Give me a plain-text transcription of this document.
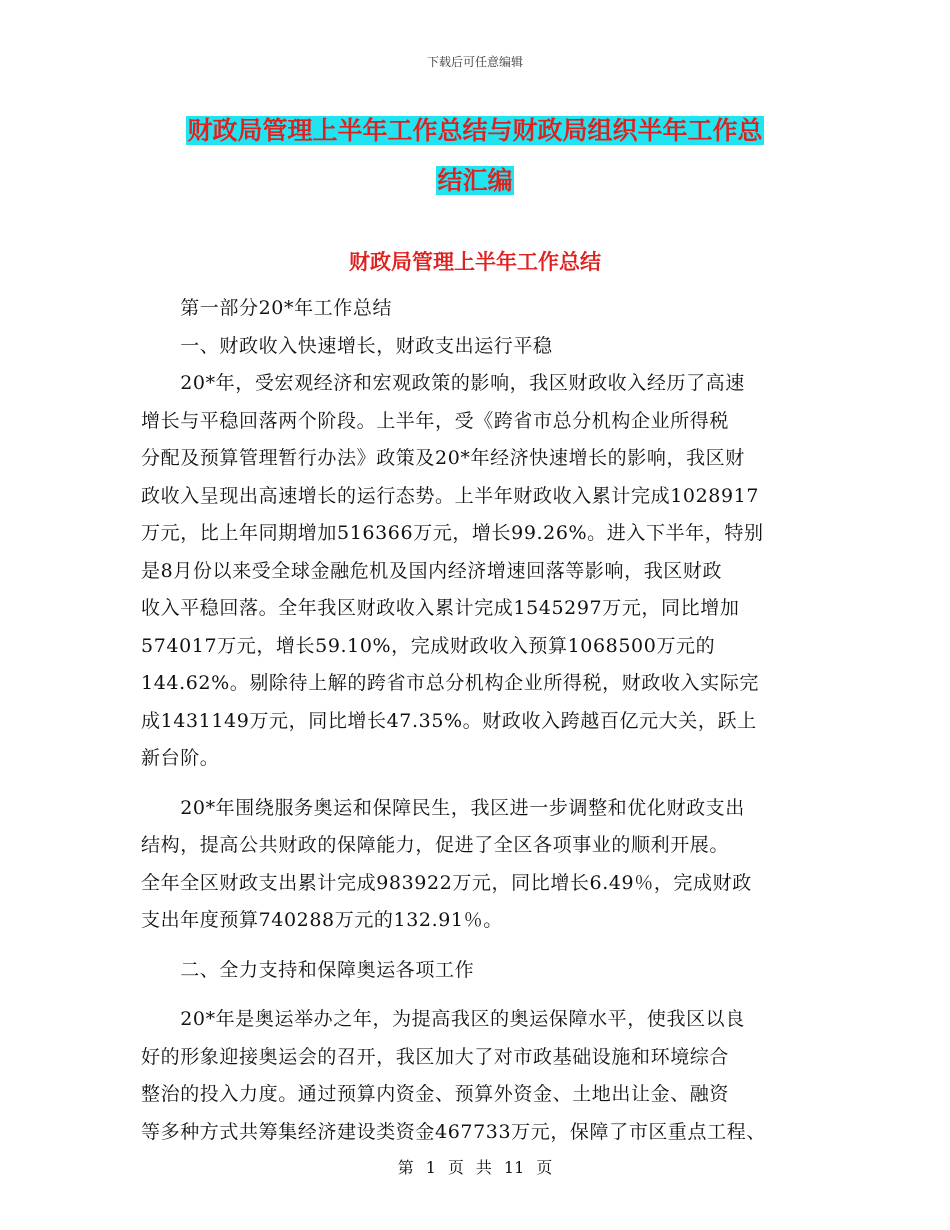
下载后可任意编辑
财政局管理上半年工作总结与财政局组织半年工作总
结汇编
财政局管理上半年工作总结

　　第一部分20*年工作总结

　　一、财政收入快速增长，财政支出运行平稳

　　20*年，受宏观经济和宏观政策的影响，我区财政收入经历了高速

增长与平稳回落两个阶段。上半年，受《跨省市总分机构企业所得税

分配及预算管理暂行办法》政策及20*年经济快速增长的影响，我区财

政收入呈现出高速增长的运行态势。上半年财政收入累计完成1028917

万元，比上年同期增加516366万元，增长99.26%。进入下半年，特别

是8月份以来受全球金融危机及国内经济增速回落等影响，我区财政

收入平稳回落。全年我区财政收入累计完成1545297万元，同比增加

574017万元，增长59.10%，完成财政收入预算1068500万元的

144.62%。剔除待上解的跨省市总分机构企业所得税，财政收入实际完

成1431149万元，同比增长47.35%。财政收入跨越百亿元大关，跃上

新台阶。

　　20*年围绕服务奥运和保障民生，我区进一步调整和优化财政支出

结构，提高公共财政的保障能力，促进了全区各项事业的顺利开展。

全年全区财政支出累计完成983922万元，同比增长6.49％，完成财政

支出年度预算740288万元的132.91％。

　　二、全力支持和保障奥运各项工作

　　20*年是奥运举办之年，为提高我区的奥运保障水平，使我区以良

好的形象迎接奥运会的召开，我区加大了对市政基础设施和环境综合

整治的投入力度。通过预算内资金、预算外资金、土地出让金、融资

等多种方式共筹集经济建设类资金467733万元，保障了市区重点工程、

第 1 页 共 11 页
